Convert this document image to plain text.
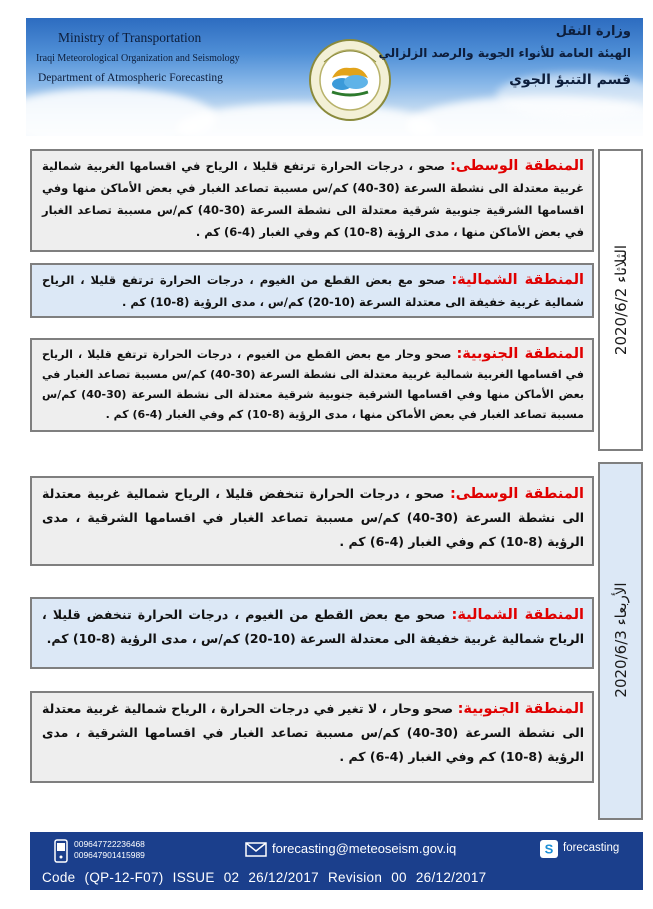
Ministry of Transportation
Iraqi Meteorological Organization and Seismology
Department of Atmospheric Forecasting
وزارة النقل
الهيئة العامة للأنواء الجوية والرصد الزلزالي
قسم التنبؤ الجوي
الثلاثاء 2020/6/2
المنطقة الوسطى: صحو ، درجات الحرارة ترتفع قليلا ، الرياح في اقسامها الغربية شمالية غربية معتدلة الى نشطة السرعة (30-40) كم/س مسببة تصاعد الغبار في بعض الأماكن منها وفي اقسامها الشرقية جنوبية شرقية معتدلة الى نشطة السرعة (30-40) كم/س مسببة تصاعد الغبار في بعض الأماكن منها ، مدى الرؤية (8-10) كم وفي الغبار (4-6) كم .
المنطقة الشمالية: صحو مع بعض القطع من الغيوم ، درجات الحرارة ترتفع قليلا ، الرياح شمالية غربية خفيفة الى معتدلة السرعة (10-20) كم/س ، مدى الرؤية (8-10) كم .
المنطقة الجنوبية: صحو وحار مع بعض القطع من الغيوم ، درجات الحرارة ترتفع قليلا ، الرياح في اقسامها الغربية شمالية غربية معتدلة الى نشطة السرعة (30-40) كم/س مسببة تصاعد الغبار في بعض الأماكن منها وفي اقسامها الشرقية جنوبية شرقية معتدلة الى نشطة السرعة (30-40) كم/س مسببة تصاعد الغبار في بعض الأماكن منها ، مدى الرؤية (8-10) كم وفي الغبار (4-6) كم .
الأربعاء 2020/6/3
المنطقة الوسطى: صحو ، درجات الحرارة تنخفض قليلا ، الرياح شمالية غربية معتدلة الى نشطة السرعة (30-40) كم/س مسببة تصاعد الغبار في اقسامها الشرقية ، مدى الرؤية (8-10) كم وفي الغبار (4-6) كم .
المنطقة الشمالية: صحو مع بعض القطع من الغيوم ، درجات الحرارة تنخفض قليلا ، الرياح شمالية غربية خفيفة الى معتدلة السرعة (10-20) كم/س ، مدى الرؤية (8-10) كم.
المنطقة الجنوبية: صحو وحار ، لا تغير في درجات الحرارة ، الرياح شمالية غربية معتدلة الى نشطة السرعة (30-40) كم/س مسببة تصاعد الغبار في اقسامها الشرقية ، مدى الرؤية (8-10) كم وفي الغبار (4-6) كم .
009647722236468
009647901415989	forecasting@meteoseism.gov.iq	S forecasting
Code (QP-12-F07) ISSUE 02 26/12/2017 Revision 00 26/12/2017
